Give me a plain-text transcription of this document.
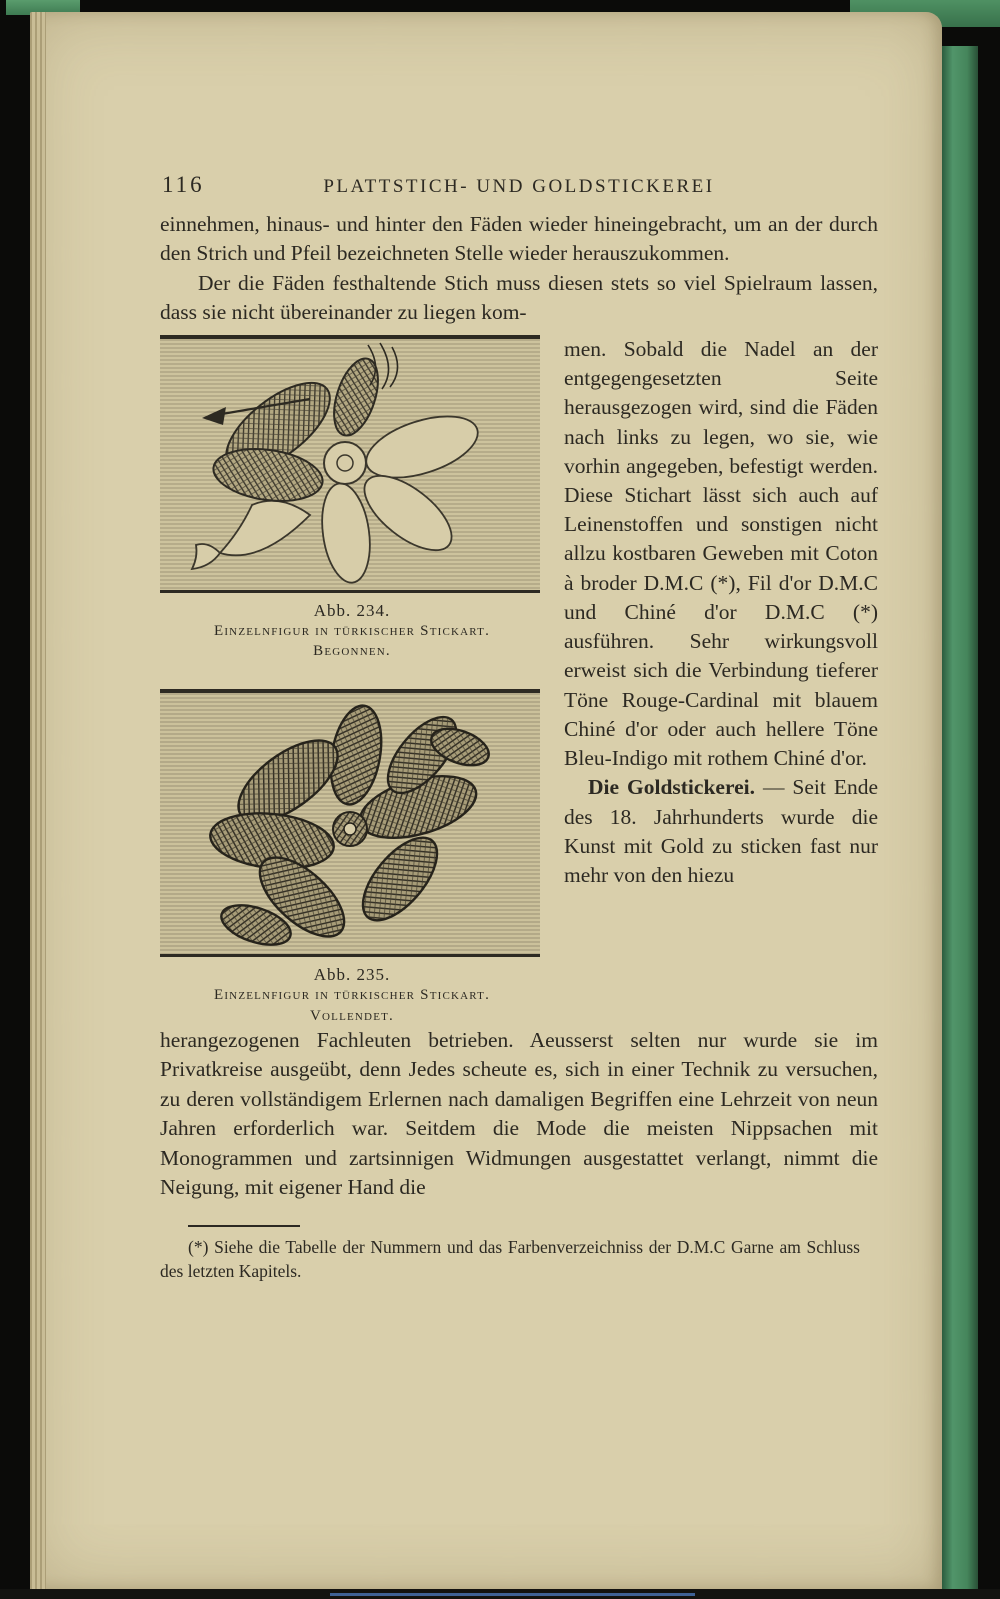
116	PLATTSTICH- UND GOLDSTICKEREI

einnehmen, hinaus- und hinter den Fäden wieder hineingebracht, um an der durch den Strich und Pfeil bezeichneten Stelle wieder herauszukommen.

Der die Fäden festhaltende Stich muss diesen stets so viel Spielraum lassen, dass sie nicht übereinander zu liegen kom-

Abb. 234.
Einzelnfigur in türkischer Stickart.
Begonnen.
Abb. 235.
Einzelnfigur in türkischer Stickart.
Vollendet.

men. Sobald die Nadel an der entgegengesetzten Seite herausgezogen wird, sind die Fäden nach links zu legen, wo sie, wie vorhin angegeben, befestigt werden. Diese Stichart lässt sich auch auf Leinenstoffen und sonstigen nicht allzu kostbaren Geweben mit Coton à broder D.M.C (*), Fil d'or D.M.C und Chiné d'or D.M.C (*) ausführen. Sehr wirkungsvoll erweist sich die Verbindung tieferer Töne Rouge-Cardinal mit blauem Chiné d'or oder auch hellere Töne Bleu-Indigo mit rothem Chiné d'or.

Die Goldstickerei. — Seit Ende des 18. Jahrhunderts wurde die Kunst mit Gold zu sticken fast nur mehr von den hiezu

herangezogenen Fachleuten betrieben. Aeusserst selten nur wurde sie im Privatkreise ausgeübt, denn Jedes scheute es, sich in einer Technik zu versuchen, zu deren vollständigem Erlernen nach damaligen Begriffen eine Lehrzeit von neun Jahren erforderlich war. Seitdem die Mode die meisten Nippsachen mit Monogrammen und zartsinnigen Widmungen ausgestattet verlangt, nimmt die Neigung, mit eigener Hand die

(*) Siehe die Tabelle der Nummern und das Farbenverzeichniss der D.M.C Garne am Schluss des letzten Kapitels.
